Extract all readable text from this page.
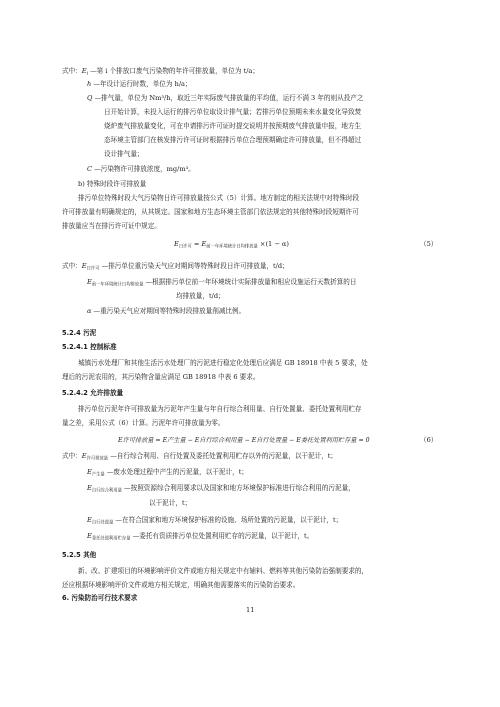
式中：$E_i$ —第 i 个排放口废气污染物的年许可排放量，单位为 t/a；
h —年设计运行时数，单位为 h/a；
Q —排气量，单位为 Nm³/h，取近三年实际废气排放量的平均值，运行不满 3 年的则从投产之
日开始计算，未投入运行的排污单位取设计排气量；若排污单位预期未来水量变化导致焚
烧炉废气排放量变化，可在申请排污许可证时提交说明并按预期废气排放量申报，地方生
态环境主管部门在核发排污许可证时根据排污单位合理预期确定许可排放量，但不得超过
设计排气量；
C —污染物许可排放浓度，mg/m³。
b) 特殊时段许可排放量
排污单位特殊时段大气污染物日许可排放量按公式（5）计算。地方制定的相关法规中对特殊时段
许可排放量有明确规定的，从其规定。国家和地方生态环境主管部门依法规定的其他特殊时段短期许可
排放量应当在排污许可证中规定。
$E_{日许可} = E_{前一年环境统计日均排放量} \times(1 - \alpha)$	（5）
式中：$E_{日许可}$ —排污单位重污染天气应对期间等特殊时段日许可排放量，t/d；
$E_{前一年环境统计日均排放量}$ —根据排污单位前一年环境统计实际排放量和相应设施运行天数折算的日
均排放量，t/d；
α —重污染天气应对期间等特殊时段排放量削减比例。
5.2.4 污泥
5.2.4.1 控制标准
城镇污水处理厂和其他生活污水处理厂的污泥进行稳定化处理后应满足 GB 18918 中表 5 要求，处
理后的污泥农用的，其污染物含量应满足 GB 18918 中表 6 要求。
5.2.4.2 允许排放量
排污单位污泥年许可排放量为污泥年产生量与年自行综合利用量、自行处置量、委托处置利用贮存
量之差，采用公式（6）计算。污泥年许可排放量为零。
E许可排放量 = E产生量 − E自行综合利用量 − E自行处置量 − E委托处置利用贮存量 = 0	（6）
式中：$E_{许可排放量}$ —自行综合利用、自行处置及委托处置利用贮存以外的污泥量，以干泥计，t；
$E_{产生量}$ —废水处理过程中产生的污泥量，以干泥计，t；
$E_{自行综合利用量}$ —按照资源综合利用要求以及国家和地方环境保护标准进行综合利用的污泥量，
以干泥计，t；
$E_{自行处置量}$ —在符合国家和地方环境保护标准的设施、场所处置的污泥量，以干泥计，t；
$E_{委托处置利用贮存量}$ —委托有资质排污单位处置利用贮存的污泥量，以干泥计，t。
5.2.5 其他
新、改、扩建项目的环境影响评价文件或地方相关规定中有辅料、燃料等其他污染防治强制要求的，
还应根据环境影响评价文件或地方相关规定，明确其他需要落实的污染防治要求。
6. 污染防治可行技术要求
11
